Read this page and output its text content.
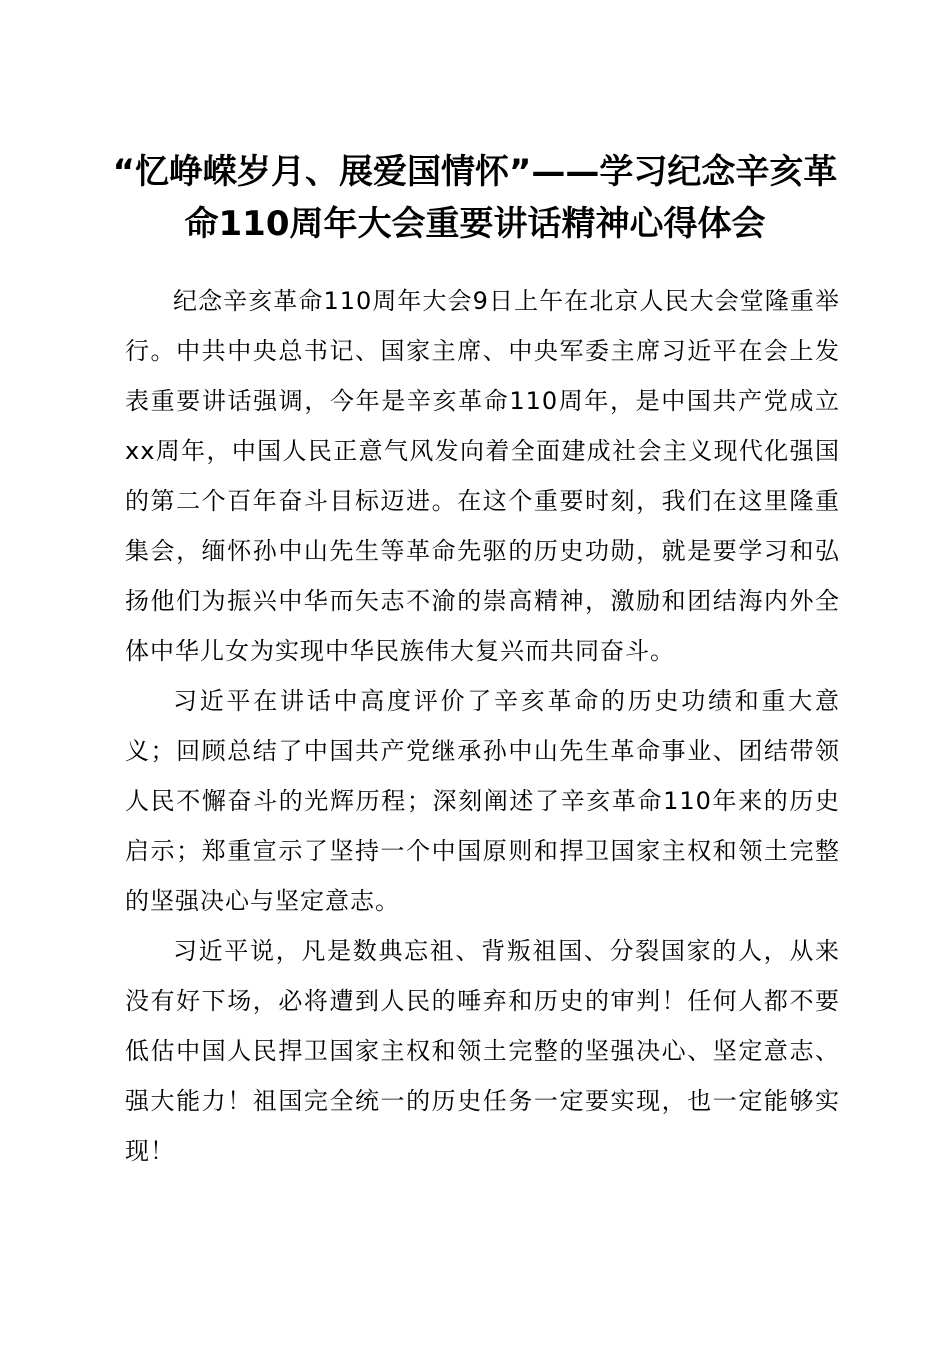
“忆峥嵘岁月、展爱国情怀”——学习纪念辛亥革命110周年大会重要讲话精神心得体会

纪念辛亥革命110周年大会9日上午在北京人民大会堂隆重举行。中共中央总书记、国家主席、中央军委主席习近平在会上发表重要讲话强调，今年是辛亥革命110周年，是中国共产党成立xx周年，中国人民正意气风发向着全面建成社会主义现代化强国的第二个百年奋斗目标迈进。在这个重要时刻，我们在这里隆重集会，缅怀孙中山先生等革命先驱的历史功勋，就是要学习和弘扬他们为振兴中华而矢志不渝的崇高精神，激励和团结海内外全体中华儿女为实现中华民族伟大复兴而共同奋斗。

习近平在讲话中高度评价了辛亥革命的历史功绩和重大意义；回顾总结了中国共产党继承孙中山先生革命事业、团结带领人民不懈奋斗的光辉历程；深刻阐述了辛亥革命110年来的历史启示；郑重宣示了坚持一个中国原则和捍卫国家主权和领土完整的坚强决心与坚定意志。

习近平说，凡是数典忘祖、背叛祖国、分裂国家的人，从来没有好下场，必将遭到人民的唾弃和历史的审判！任何人都不要低估中国人民捍卫国家主权和领土完整的坚强决心、坚定意志、强大能力！祖国完全统一的历史任务一定要实现，也一定能够实现！
